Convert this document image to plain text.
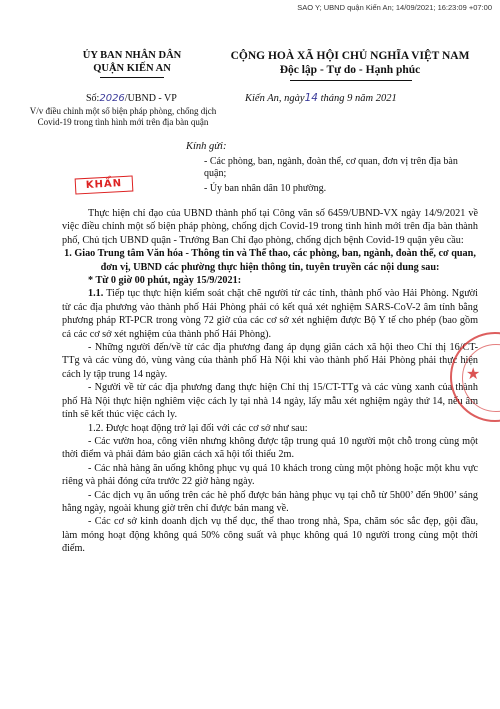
SAO Y; UBND quận Kiến An; 14/09/2021; 16:23:09 +07:00
ỦY BAN NHÂN DÂN
QUẬN KIẾN AN
CỘNG HOÀ XÃ HỘI CHỦ NGHĨA VIỆT NAM
Độc lập - Tự do - Hạnh phúc
Số:2026/UBND - VP	Kiến An, ngày14 tháng 9 năm 2021
V/v điều chỉnh một số biện pháp phòng, chống dịch Covid-19 trong tình hình mới trên địa bàn quận
Kính gửi:
- Các phòng, ban, ngành, đoàn thể, cơ quan, đơn vị trên địa bàn quận;
- Ủy ban nhân dân 10 phường.
KHẨN

Thực hiện chỉ đạo của UBND thành phố tại Công văn số 6459/UBND-VX ngày 14/9/2021 về việc điều chỉnh một số biện pháp phòng, chống dịch Covid-19 trong tình hình mới trên địa bàn thành phố, Chủ tịch UBND quận - Trưởng Ban Chỉ đạo phòng, chống dịch bệnh Covid-19 quận yêu cầu:

1. Giao Trung tâm Văn hóa - Thông tin và Thể thao, các phòng, ban, ngành, đoàn thể, cơ quan, đơn vị, UBND các phường thực hiện thông tin, tuyên truyền các nội dung sau:

* Từ 0 giờ 00 phút, ngày 15/9/2021:

1.1. Tiếp tục thực hiện kiểm soát chặt chẽ người từ các tỉnh, thành phố vào Hải Phòng. Người từ các địa phương vào thành phố Hải Phòng phải có kết quả xét nghiệm SARS-CoV-2 âm tính bằng phương pháp RT-PCR trong vòng 72 giờ của các cơ sở xét nghiệm được Bộ Y tế cho phép (bao gồm cả các cơ sở xét nghiệm của thành phố Hải Phòng).

- Những người đến/về từ các địa phương đang áp dụng giãn cách xã hội theo Chỉ thị 16/CT-TTg và các vùng đỏ, vùng vàng của thành phố Hà Nội khi vào thành phố Hải Phòng phải thực hiện cách ly tập trung 14 ngày.

- Người về từ các địa phương đang thực hiện Chỉ thị 15/CT-TTg và các vùng xanh của thành phố Hà Nội thực hiện nghiêm việc cách ly tại nhà 14 ngày, lấy mẫu xét nghiệm ngày thứ 14, nếu âm tính sẽ kết thúc việc cách ly.

1.2. Được hoạt động trở lại đối với các cơ sở như sau:

- Các vườn hoa, công viên nhưng không được tập trung quá 10 người một chỗ trong cùng một thời điểm và phải đảm bảo giãn cách xã hội tối thiểu 2m.

- Các nhà hàng ăn uống không phục vụ quá 10 khách trong cùng một phòng hoặc một khu vực riêng và phải đóng cửa trước 22 giờ hàng ngày.

- Các dịch vụ ăn uống trên các hè phố được bán hàng phục vụ tại chỗ từ 5h00’ đến 9h00’ sáng hằng ngày, ngoài khung giờ trên chỉ được bán mang về.

- Các cơ sở kinh doanh dịch vụ thể dục, thể thao trong nhà, Spa, chăm sóc sắc đẹp, gội đầu, làm móng hoạt động không quá 50% công suất và phục không quá 10 người trong cùng một thời điểm.

★
